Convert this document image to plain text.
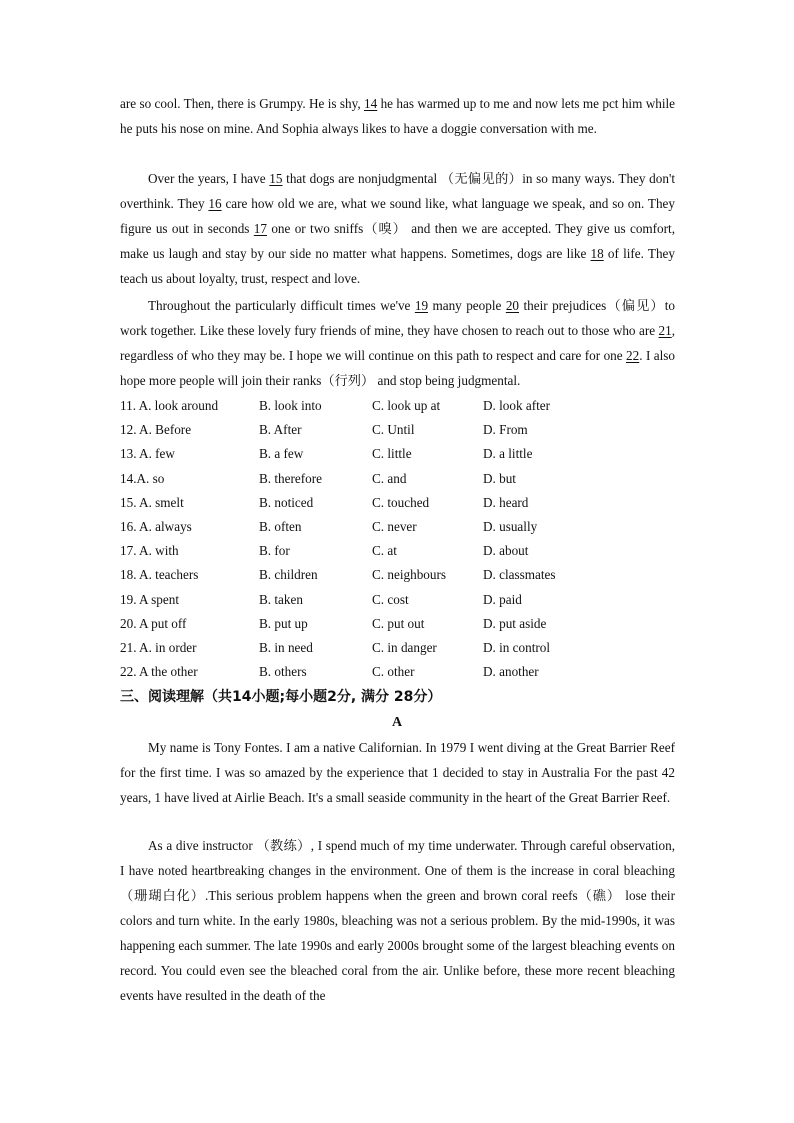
are so cool. Then, there is Grumpy. He is shy, 14 he has warmed up to me and now lets me pct him while he puts his nose on mine. And Sophia always likes to have a doggie conversation with me.

Over the years, I have 15 that dogs are nonjudgmental （无偏见的）in so many ways. They don't overthink. They 16 care how old we are, what we sound like, what language we speak, and so on. They figure us out in seconds 17 one or two sniffs（嗅） and then we are accepted. They give us comfort, make us laugh and stay by our side no matter what happens. Sometimes, dogs are like 18 of life. They teach us about loyalty, trust, respect and love.

Throughout the particularly difficult times we've 19 many people 20 their prejudices（偏见）to work together. Like these lovely fury friends of mine, they have chosen to reach out to those who are 21, regardless of who they may be. I hope we will continue on this path to respect and care for one 22. I also hope more people will join their ranks（行列） and stop being judgmental.

11. A. look around	B. look into	C. look up at	D. look after
12. A. Before	B. After	C. Until	D. From
13. A. few	B. a few	C. little	D. a little
14.A. so	B. therefore	C. and	D. but
15. A. smelt	B. noticed	C. touched	D. heard
16. A. always	B. often	C. never	D. usually
17. A. with	B. for	C. at	D. about
18. A. teachers	B. children	C. neighbours	D. classmates
19. A spent	B. taken	C. cost	D. paid
20. A put off	B. put up	C. put out	D. put aside
21. A. in order	B. in need	C. in danger	D. in control
22. A the other	B. others	C. other	D. another

三、阅读理解（共14小题;每小题2分, 满分 28分）

A

My name is Tony Fontes. I am a native Californian. In 1979 I went diving at the Great Barrier Reef for the first time. I was so amazed by the experience that 1 decided to stay in Australia For the past 42 years, 1 have lived at Airlie Beach. It's a small seaside community in the heart of the Great Barrier Reef.

As a dive instructor （教练）, I spend much of my time underwater. Through careful observation, I have noted heartbreaking changes in the environment. One of them is the increase in coral bleaching （珊瑚白化）.This serious problem happens when the green and brown coral reefs（礁） lose their colors and turn white. In the early 1980s, bleaching was not a serious problem. By the mid-1990s, it was happening each summer. The late 1990s and early 2000s brought some of the largest bleaching events on record. You could even see the bleached coral from the air. Unlike before, these more recent bleaching events have resulted in the death of the
